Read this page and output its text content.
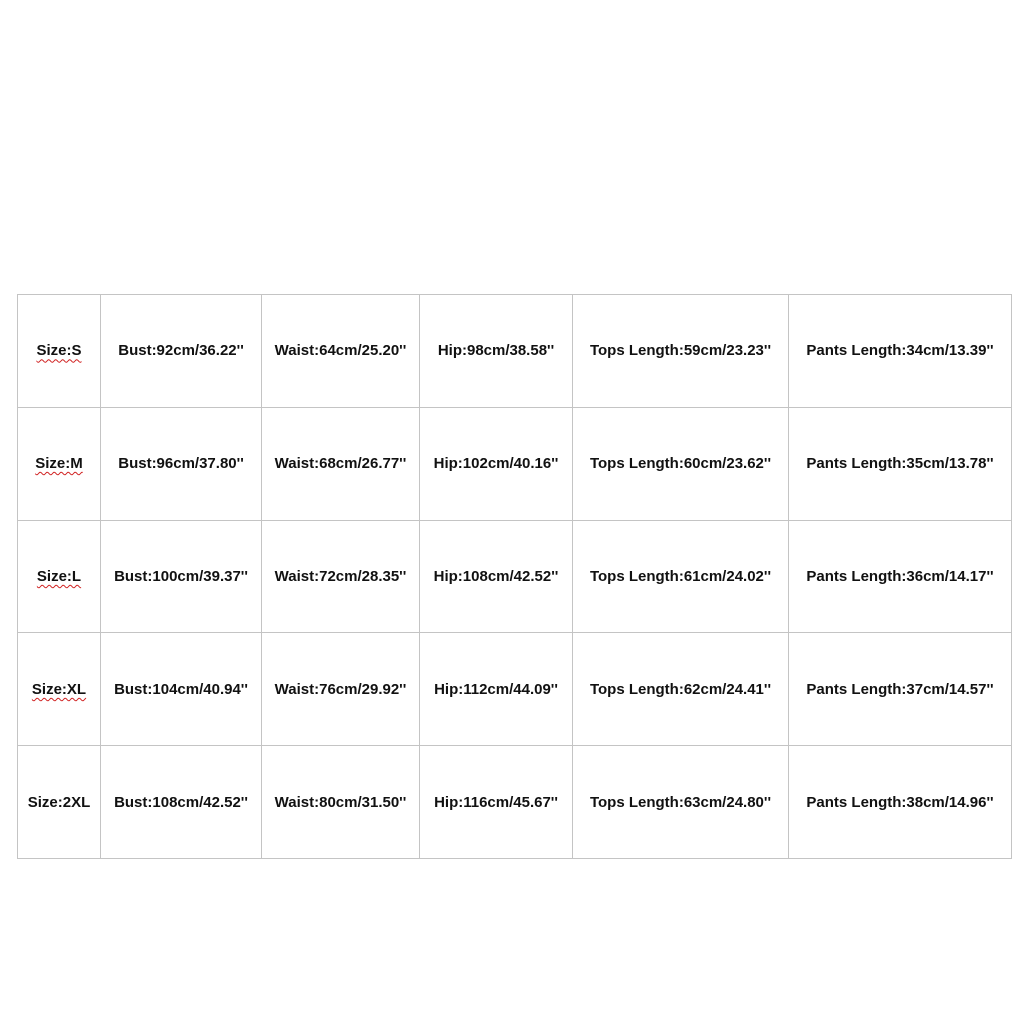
Size:S	Bust:92cm/36.22''	Waist:64cm/25.20''	Hip:98cm/38.58''	Tops Length:59cm/23.23''	Pants Length:34cm/13.39''
Size:M	Bust:96cm/37.80''	Waist:68cm/26.77''	Hip:102cm/40.16''	Tops Length:60cm/23.62''	Pants Length:35cm/13.78''
Size:L	Bust:100cm/39.37''	Waist:72cm/28.35''	Hip:108cm/42.52''	Tops Length:61cm/24.02''	Pants Length:36cm/14.17''
Size:XL	Bust:104cm/40.94''	Waist:76cm/29.92''	Hip:112cm/44.09''	Tops Length:62cm/24.41''	Pants Length:37cm/14.57''
Size:2XL	Bust:108cm/42.52''	Waist:80cm/31.50''	Hip:116cm/45.67''	Tops Length:63cm/24.80''	Pants Length:38cm/14.96''
